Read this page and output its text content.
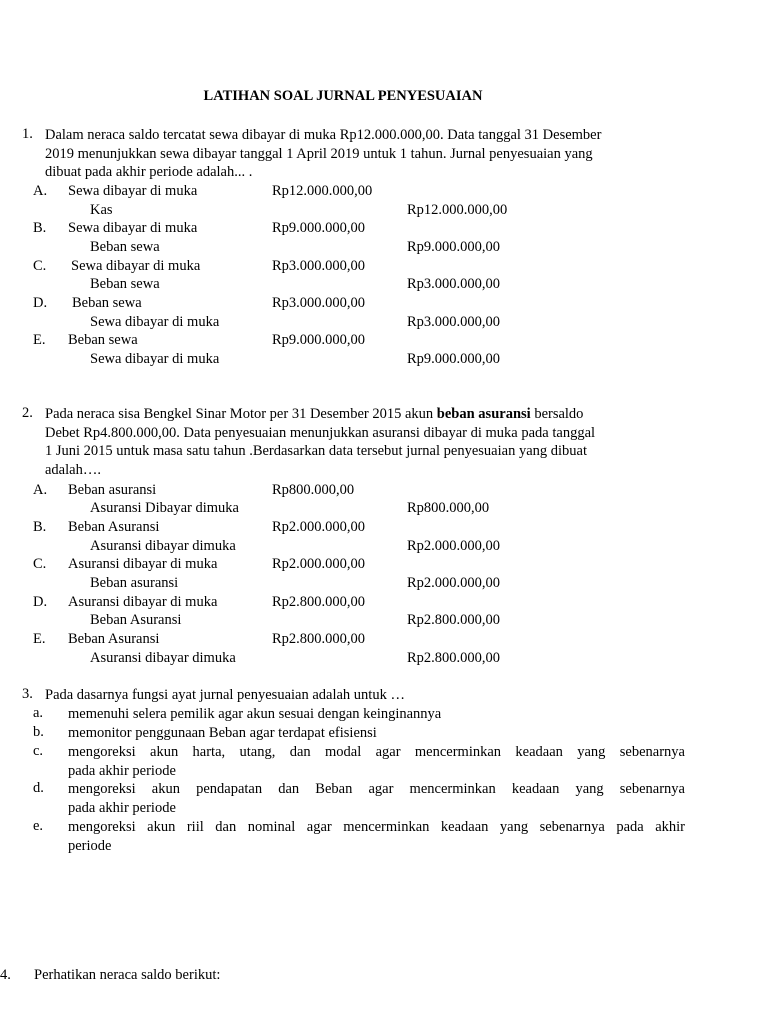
LATIHAN SOAL JURNAL PENYESUAIAN
1. Dalam neraca saldo tercatat sewa dibayar di muka Rp12.000.000,00. Data tanggal 31 Desember
2019 menunjukkan sewa dibayar tanggal 1 April 2019 untuk 1 tahun. Jurnal penyesuaian yang
dibuat pada akhir periode adalah... .
A. Sewa dibayar di muka	Rp12.000.000,00
Kas	Rp12.000.000,00
B. Sewa dibayar di muka	Rp9.000.000,00
Beban sewa	Rp9.000.000,00
C. Sewa dibayar di muka	Rp3.000.000,00
Beban sewa	Rp3.000.000,00
D. Beban sewa	Rp3.000.000,00
Sewa dibayar di muka	Rp3.000.000,00
E. Beban sewa	Rp9.000.000,00
Sewa dibayar di muka	Rp9.000.000,00
2. Pada neraca sisa Bengkel Sinar Motor per 31 Desember 2015 akun beban asuransi bersaldo
Debet Rp4.800.000,00. Data penyesuaian menunjukkan asuransi dibayar di muka pada tanggal
1 Juni 2015 untuk masa satu tahun .Berdasarkan data tersebut jurnal penyesuaian yang dibuat
adalah….
A. Beban asuransi	Rp800.000,00
Asuransi Dibayar dimuka	Rp800.000,00
B. Beban Asuransi	Rp2.000.000,00
Asuransi dibayar dimuka	Rp2.000.000,00
C. Asuransi dibayar di muka	Rp2.000.000,00
Beban asuransi	Rp2.000.000,00
D. Asuransi dibayar di muka	Rp2.800.000,00
Beban Asuransi	Rp2.800.000,00
E. Beban Asuransi	Rp2.800.000,00
Asuransi dibayar dimuka	Rp2.800.000,00
3. Pada dasarnya fungsi ayat jurnal penyesuaian adalah untuk …
a. memenuhi selera pemilik agar akun sesuai dengan keinginannya
b. memonitor penggunaan Beban agar terdapat efisiensi
c. mengoreksi akun harta, utang, dan modal agar mencerminkan keadaan yang sebenarnya
pada akhir periode
d. mengoreksi akun pendapatan dan Beban agar mencerminkan keadaan yang sebenarnya
pada akhir periode
e. mengoreksi akun riil dan nominal agar mencerminkan keadaan yang sebenarnya pada akhir
periode
4. Perhatikan neraca saldo berikut:
